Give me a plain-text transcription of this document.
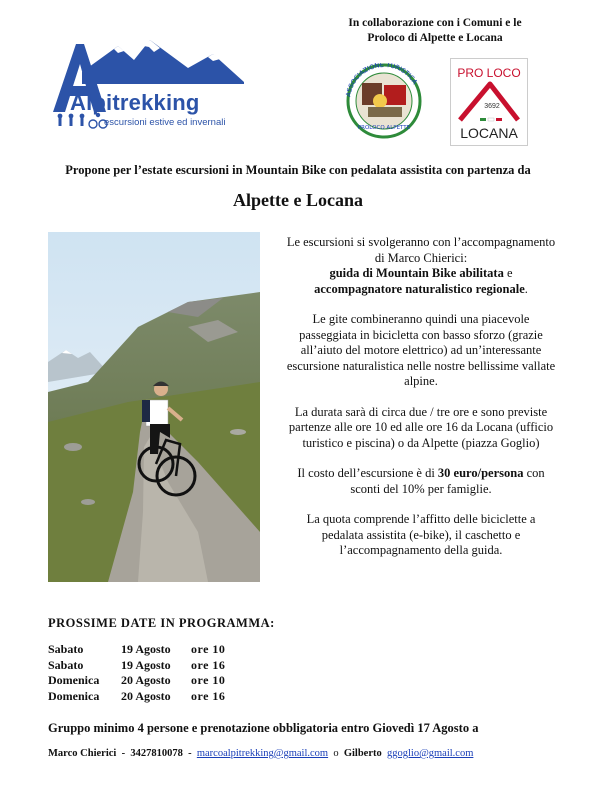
Alpitrekking
escursioni estive ed invernali
In collaborazione con i Comuni e le
Proloco di Alpette e Locana
ASSOCIAZIONE TURISTICA
PROLOCO ALPETTE
PRO LOCO
3692
LOCANA
Propone per l’estate escursioni in Mountain Bike con pedalata assistita con partenza da
Alpette e Locana

Le escursioni si svolgeranno con l’accompagnamento di Marco Chierici:
guida di Mountain Bike abilitata e accompagnatore naturalistico regionale.

Le gite combineranno quindi una piacevole passeggiata in bicicletta con basso sforzo (grazie all’aiuto del motore elettrico) ad un’interessante escursione naturalistica nelle nostre bellissime vallate alpine.

La durata sarà di circa due / tre ore e sono previste partenze alle ore 10 ed alle ore 16 da Locana (ufficio turistico e piscina) o da Alpette (piazza Goglio)

Il costo dell’escursione è di 30 euro/persona con sconti del 10% per famiglie.

La quota comprende l’affitto delle biciclette a pedalata assistita (e-bike), il caschetto e l’accompagnamento della guida.

PROSSIME DATE IN PROGRAMMA:
Sabato	19 Agosto	ore 10
Sabato	19 Agosto	ore 16
Domenica	20 Agosto	ore 10
Domenica	20 Agosto	ore 16
Gruppo minimo 4 persone e prenotazione obbligatoria entro Giovedì 17 Agosto a
Marco Chierici  -  3427810078  -  marcoalpitrekking@gmail.com  o  Gilberto ggoglio@gmail.com
